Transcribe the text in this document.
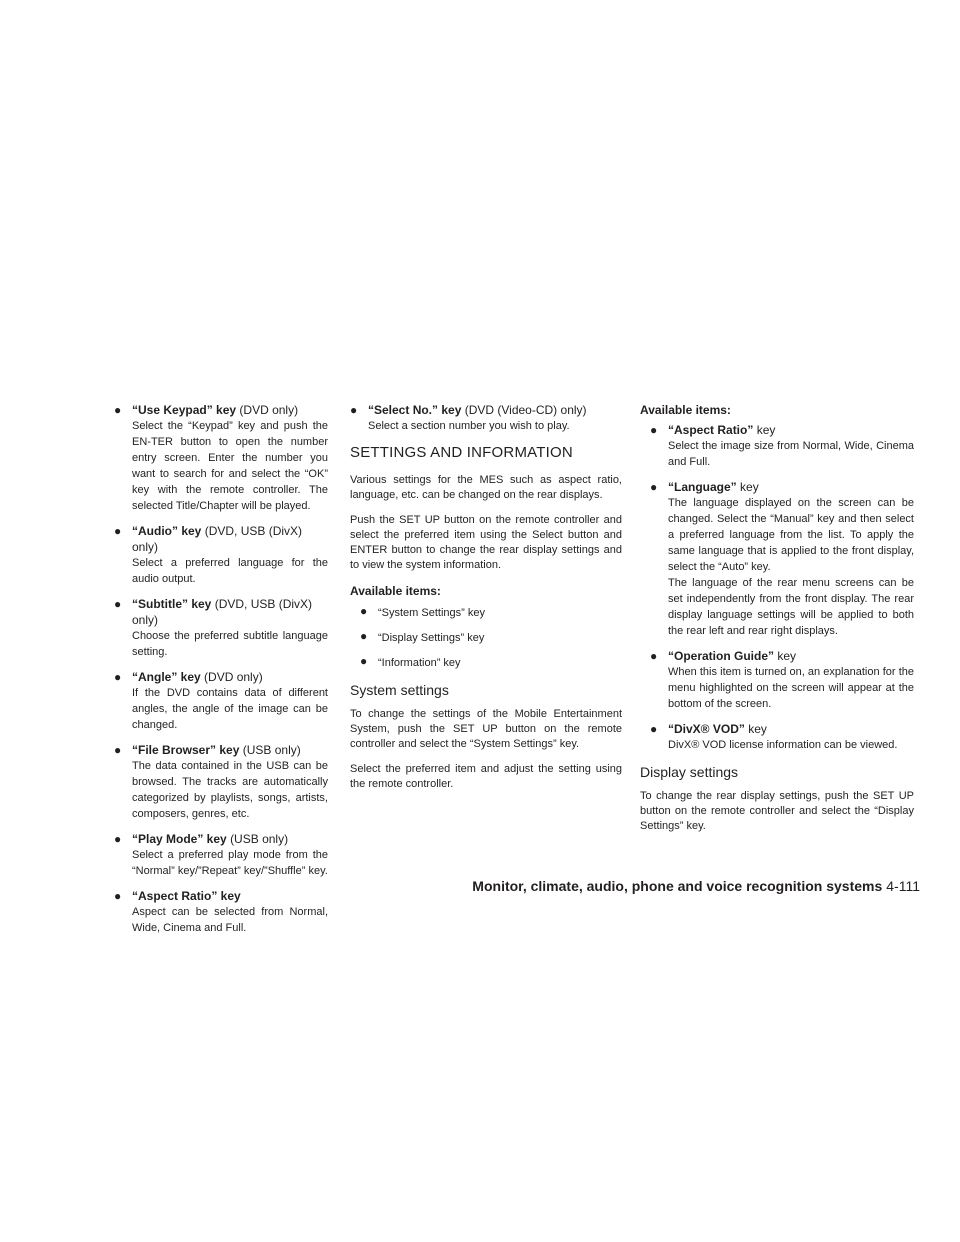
● “Use Keypad” key (DVD only)
Select the “Keypad” key and push the EN-TER button to open the number entry screen. Enter the number you want to search for and select the “OK” key with the remote controller. The selected Title/Chapter will be played.
● “Audio” key (DVD, USB (DivX) only)
Select a preferred language for the audio output.
● “Subtitle” key (DVD, USB (DivX) only)
Choose the preferred subtitle language setting.
● “Angle” key (DVD only)
If the DVD contains data of different angles, the angle of the image can be changed.
● “File Browser” key (USB only)
The data contained in the USB can be browsed. The tracks are automatically categorized by playlists, songs, artists, composers, genres, etc.
● “Play Mode” key (USB only)
Select a preferred play mode from the “Normal” key/”Repeat” key/”Shuffle” key.
● “Aspect Ratio” key
Aspect can be selected from Normal, Wide, Cinema and Full.
● “Select No.” key (DVD (Video-CD) only)
Select a section number you wish to play.
SETTINGS AND INFORMATION

Various settings for the MES such as aspect ratio, language, etc. can be changed on the rear displays.

Push the SET UP button on the remote controller and select the preferred item using the Select button and ENTER button to change the rear display settings and to view the system information.

Available items:
● “System Settings” key
● “Display Settings” key
● “Information” key
System settings

To change the settings of the Mobile Entertainment System, push the SET UP button on the remote controller and select the “System Settings” key.

Select the preferred item and adjust the setting using the remote controller.

Available items:
● “Aspect Ratio” key
Select the image size from Normal, Wide, Cinema and Full.
● “Language” key
The language displayed on the screen can be changed. Select the “Manual” key and then select a preferred language from the list. To apply the same language that is applied to the front display, select the “Auto” key.
The language of the rear menu screens can be set independently from the front display. The rear display language settings will be applied to both the rear left and rear right displays.
● “Operation Guide” key
When this item is turned on, an explanation for the menu highlighted on the screen will appear at the bottom of the screen.
● “DivX® VOD” key
DivX® VOD license information can be viewed.
Display settings

To change the rear display settings, push the SET UP button on the remote controller and select the “Display Settings” key.

Monitor, climate, audio, phone and voice recognition systems 4-111
